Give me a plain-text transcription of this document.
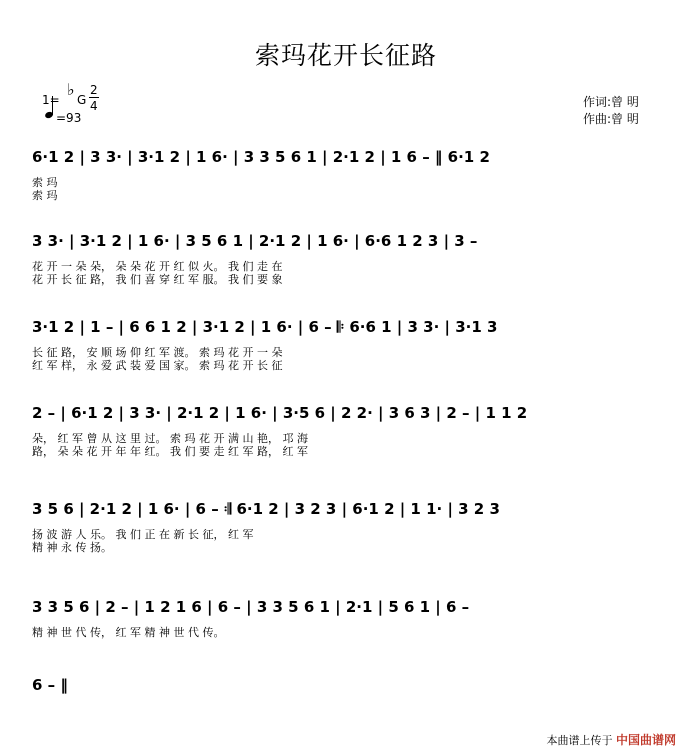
索玛花开长征路
1=
♭
G
2
4
=93
作词:曾 明
作曲:曾 明
6·1 2 | 3 3· | 3·1 2 | 1 6· | 3 3 5 6 1 | 2·1 2 | 1 6 – ‖ 6·1 2
索 玛
索 玛
3 3· | 3·1 2 | 1 6· | 3 5 6 1 | 2·1 2 | 1 6· | 6·6 1 2 3 | 3 –
花 开 一 朵 朵， 朵 朵 花 开 红 似 火。 我 们 走 在
花 开 长 征 路， 我 们 喜 穿 红 军 服。 我 们 要 象
3·1 2 | 1 – | 6 6 1 2 | 3·1 2 | 1 6· | 6 – 𝄆 6·6 1 | 3 3· | 3·1 3
长 征 路， 安 顺 场 仰 红 军 渡。 索 玛 花 开 一 朵
红 军 样， 永 爱 武 装 爱 国 家。 索 玛 花 开 长 征
2 – | 6·1 2 | 3 3· | 2·1 2 | 1 6· | 3·5 6 | 2 2· | 3 6 3 | 2 – | 1 1 2
朵， 红 军 曾 从 这 里 过。 索 玛 花 开 满 山 艳， 邛 海
路， 朵 朵 花 开 年 年 红。 我 们 要 走 红 军 路， 红 军
3 5 6 | 2·1 2 | 1 6· | 6 – 𝄇 6·1 2 | 3 2 3 | 6·1 2 | 1 1· | 3 2 3
扬 波 游 人 乐。 我 们 正 在 新 长 征， 红 军
精 神 永 传 扬。
3 3 5 6 | 2 – | 1 2 1 6 | 6 – | 3 3 5 6 1 | 2·1 | 5 6 1 | 6 –
精 神 世 代 传， 红 军 精 神 世 代 传。
6 – ‖
本曲谱上传于 中国曲谱网
